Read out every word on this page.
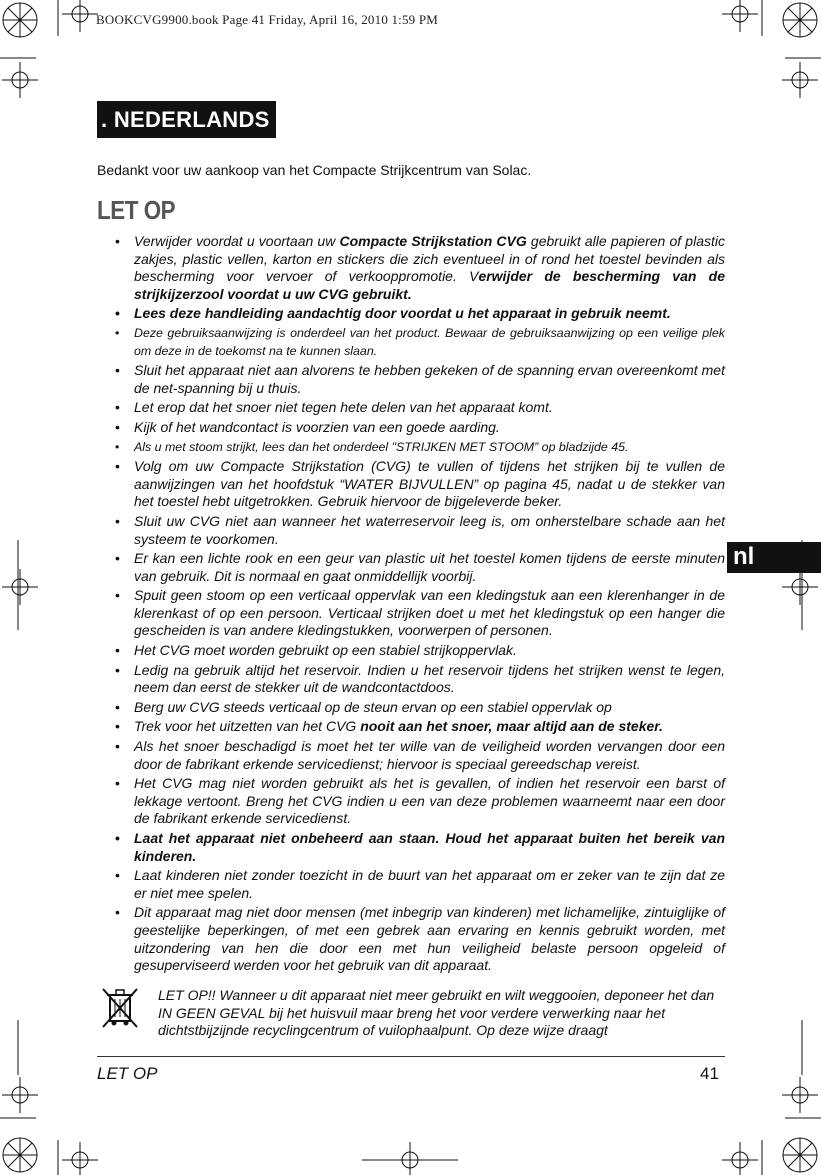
BOOKCVG9900.book Page 41 Friday, April 16, 2010 1:59 PM
. NEDERLANDS
Bedankt voor uw aankoop van het Compacte Strijkcentrum van Solac.
LET OP
• Verwijder voordat u voortaan uw Compacte Strijkstation CVG gebruikt alle papieren of plastic zakjes, plastic vellen, karton en stickers die zich eventueel in of rond het toestel bevinden als bescherming voor vervoer of verkooppromotie. Verwijder de bescherming van de strijkijzerzool voordat u uw CVG gebruikt.
• Lees deze handleiding aandachtig door voordat u het apparaat in gebruik neemt.
• Deze gebruiksaanwijzing is onderdeel van het product. Bewaar de gebruiksaanwijzing op een veilige plek om deze in de toekomst na te kunnen slaan.
• Sluit het apparaat niet aan alvorens te hebben gekeken of de spanning ervan overeenkomt met de net-spanning bij u thuis.
• Let erop dat het snoer niet tegen hete delen van het apparaat komt.
• Kijk of het wandcontact is voorzien van een goede aarding.
• Als u met stoom strijkt, lees dan het onderdeel "STRIJKEN MET STOOM” op bladzijde 45.
• Volg om uw Compacte Strijkstation (CVG) te vullen of tijdens het strijken bij te vullen de aanwijzingen van het hoofdstuk “WATER BIJVULLEN” op pagina 45, nadat u de stekker van het toestel hebt uitgetrokken. Gebruik hiervoor de bijgeleverde beker.
• Sluit uw CVG niet aan wanneer het waterreservoir leeg is, om onherstelbare schade aan het systeem te voorkomen.
• Er kan een lichte rook en een geur van plastic uit het toestel komen tijdens de eerste minuten van gebruik. Dit is normaal en gaat onmiddellijk voorbij.
• Spuit geen stoom op een verticaal oppervlak van een kledingstuk aan een klerenhanger in de klerenkast of op een persoon. Verticaal strijken doet u met het kledingstuk op een hanger die gescheiden is van andere kledingstukken, voorwerpen of personen.
• Het CVG moet worden gebruikt op een stabiel strijkoppervlak.
• Ledig na gebruik altijd het reservoir. Indien u het reservoir tijdens het strijken wenst te legen, neem dan eerst de stekker uit de wandcontactdoos.
• Berg uw CVG steeds verticaal op de steun ervan op een stabiel oppervlak op
• Trek voor het uitzetten van het CVG nooit aan het snoer, maar altijd aan de steker.
• Als het snoer beschadigd is moet het ter wille van de veiligheid worden vervangen door een door de fabrikant erkende servicedienst; hiervoor is speciaal gereedschap vereist.
• Het CVG mag niet worden gebruikt als het is gevallen, of indien het reservoir een barst of lekkage vertoont. Breng het CVG indien u een van deze problemen waarneemt naar een door de fabrikant erkende servicedienst.
• Laat het apparaat niet onbeheerd aan staan. Houd het apparaat buiten het bereik van kinderen.
• Laat kinderen niet zonder toezicht in de buurt van het apparaat om er zeker van te zijn dat ze er niet mee spelen.
• Dit apparaat mag niet door mensen (met inbegrip van kinderen) met lichamelijke, zintuiglijke of geestelijke beperkingen, of met een gebrek aan ervaring en kennis gebruikt worden, met uitzondering van hen die door een met hun veiligheid belaste persoon opgeleid of gesuperviseerd werden voor het gebruik van dit apparaat.
LET OP!! Wanneer u dit apparaat niet meer gebruikt en wilt weggooien, deponeer het dan IN GEEN GEVAL bij het huisvuil maar breng het voor verdere verwerking naar het dichtstbijzijnde recyclingcentrum of vuilophaalpunt. Op deze wijze draagt
nl
LET OP	41
